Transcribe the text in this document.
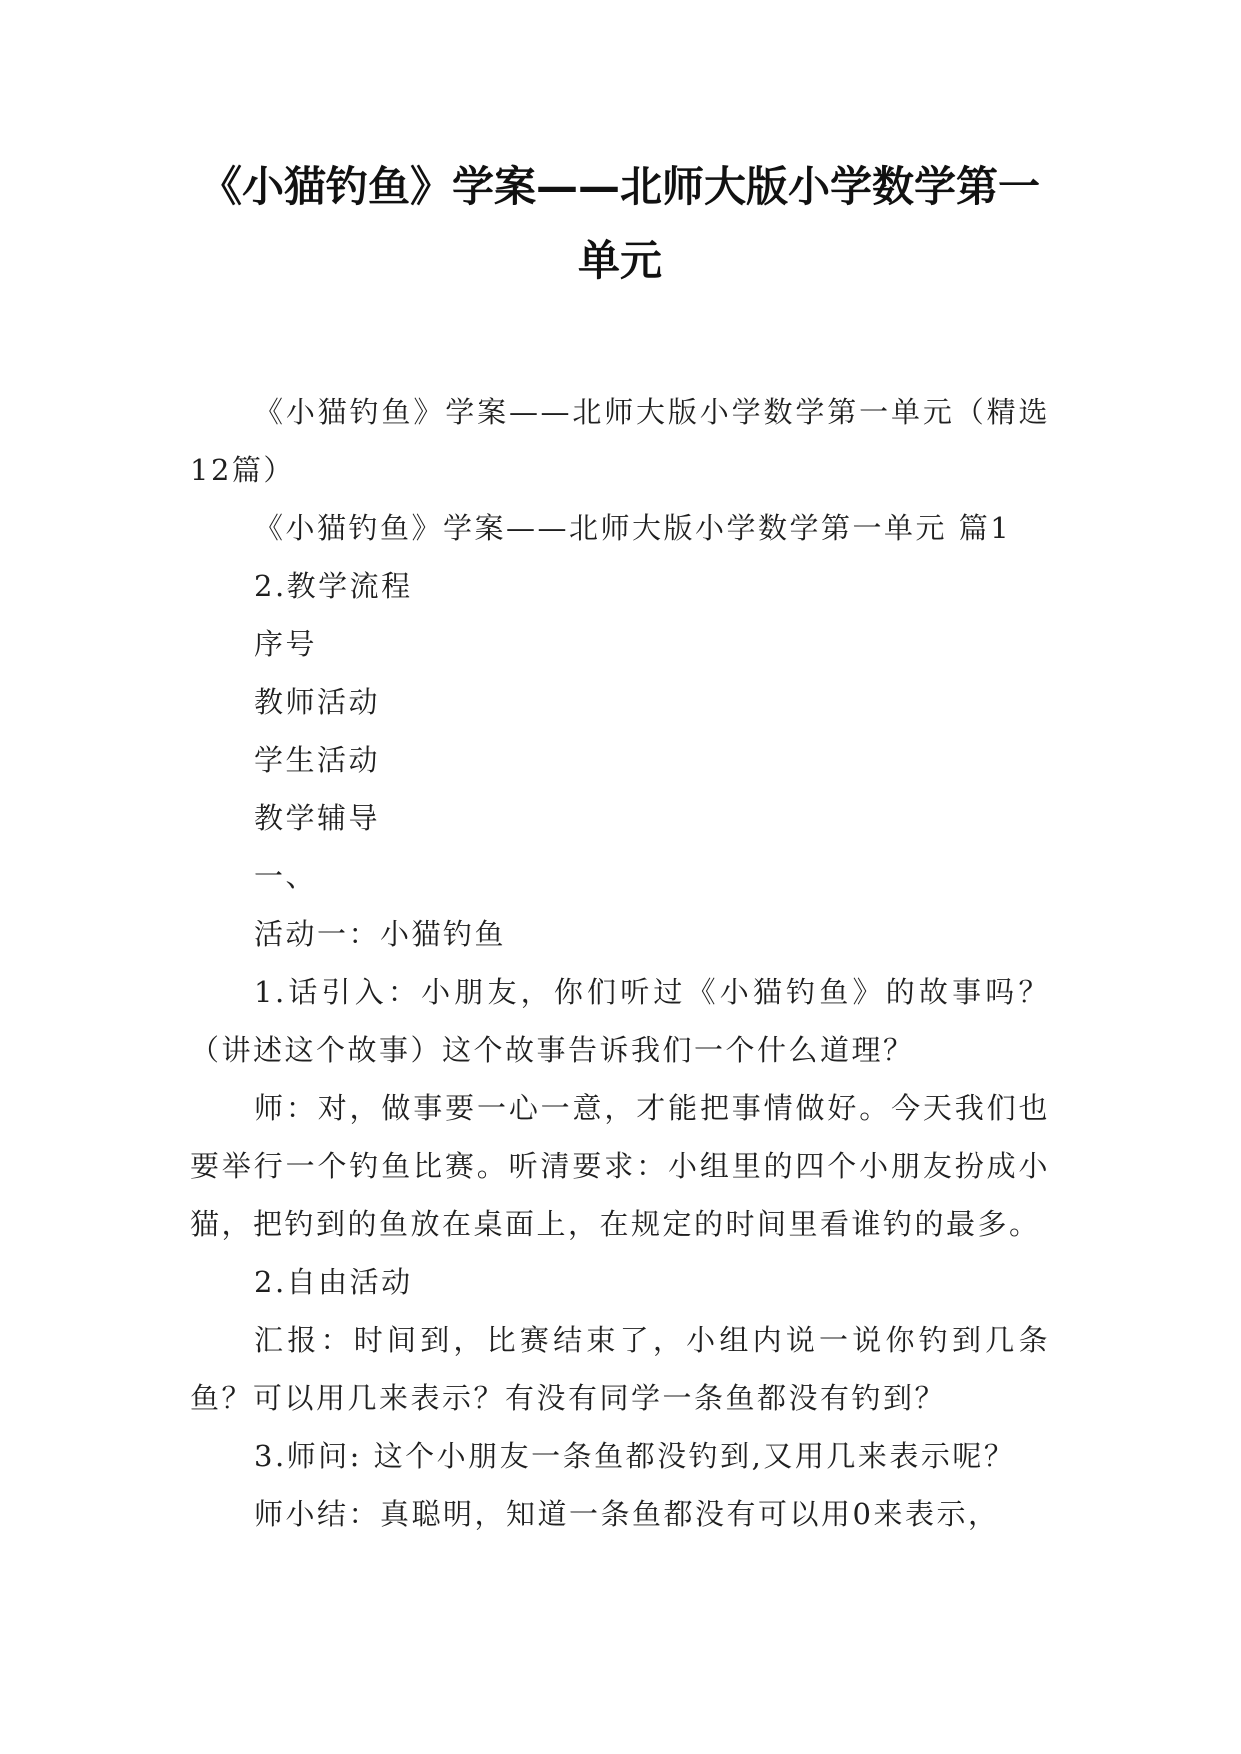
《小猫钓鱼》学案——北师大版小学数学第一单元

《小猫钓鱼》学案——北师大版小学数学第一单元（精选12篇）

《小猫钓鱼》学案——北师大版小学数学第一单元 篇1

2.教学流程

序号

教师活动

学生活动

教学辅导

一、

活动一：小猫钓鱼

1.话引入：小朋友，你们听过《小猫钓鱼》的故事吗？（讲述这个故事）这个故事告诉我们一个什么道理？

师：对，做事要一心一意，才能把事情做好。今天我们也要举行一个钓鱼比赛。听清要求：小组里的四个小朋友扮成小猫，把钓到的鱼放在桌面上，在规定的时间里看谁钓的最多。

2.自由活动

汇报：时间到，比赛结束了，小组内说一说你钓到几条鱼？可以用几来表示？有没有同学一条鱼都没有钓到？

3.师问: 这个小朋友一条鱼都没钓到,又用几来表示呢？

师小结：真聪明，知道一条鱼都没有可以用0来表示，
